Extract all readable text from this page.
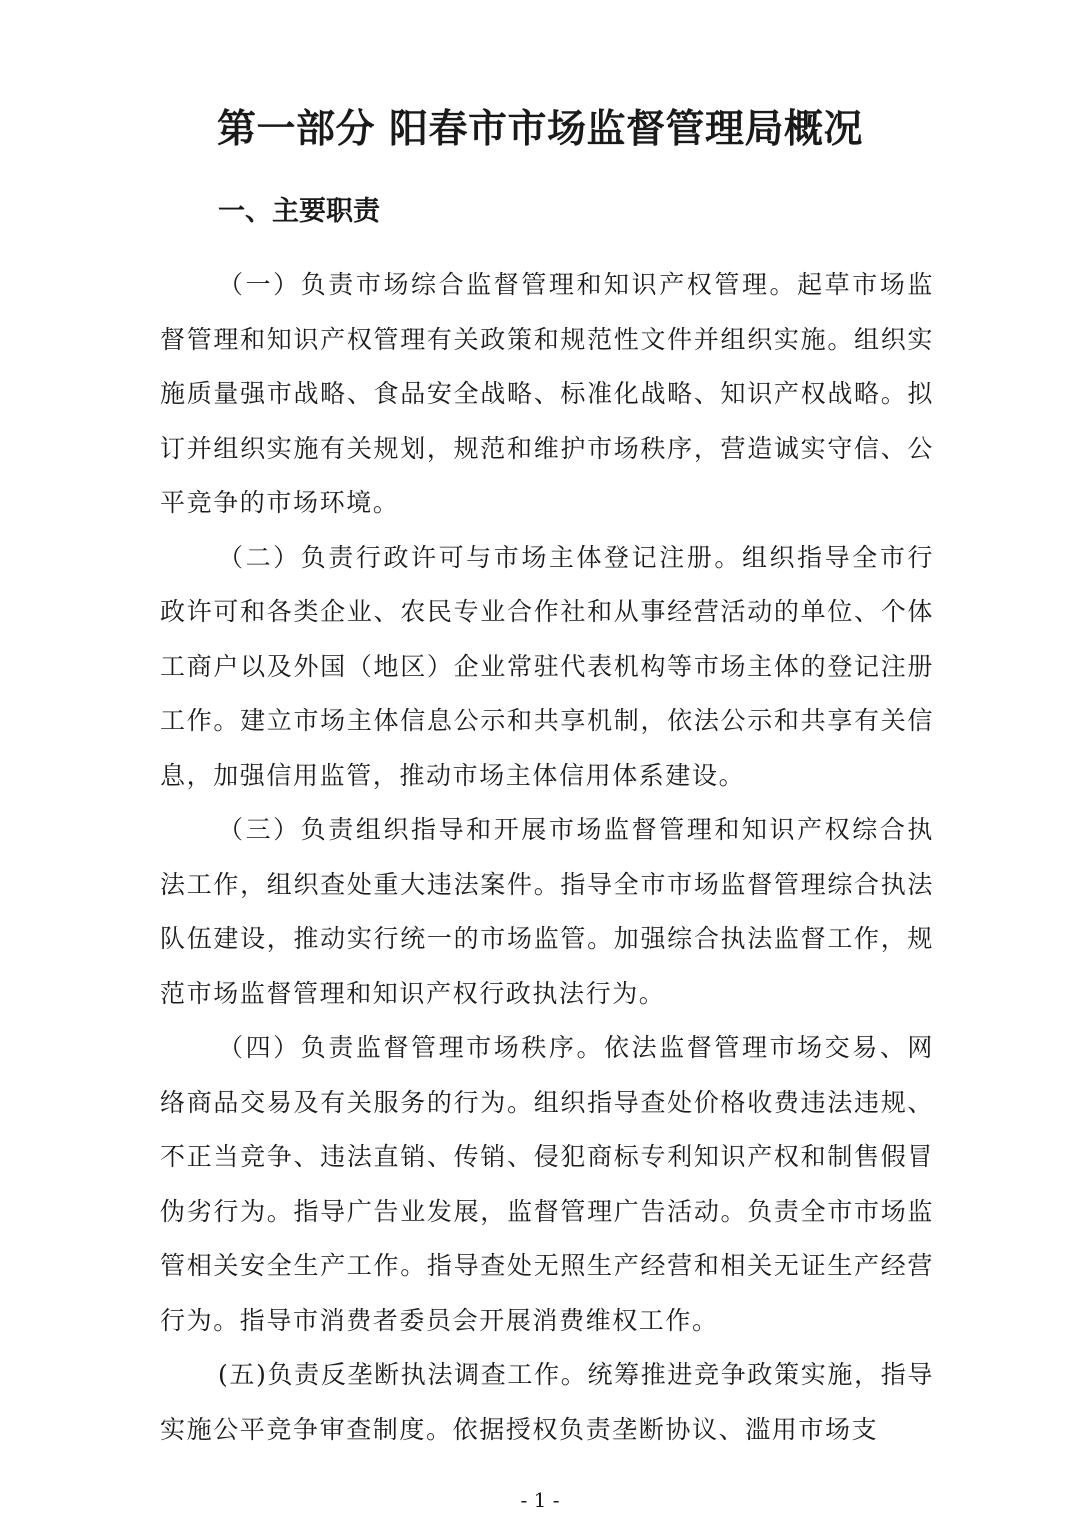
第一部分 阳春市市场监督管理局概况
一、主要职责

（一）负责市场综合监督管理和知识产权管理。起草市场监督管理和知识产权管理有关政策和规范性文件并组织实施。组织实施质量强市战略、食品安全战略、标准化战略、知识产权战略。拟订并组织实施有关规划，规范和维护市场秩序，营造诚实守信、公平竞争的市场环境。

（二）负责行政许可与市场主体登记注册。组织指导全市行政许可和各类企业、农民专业合作社和从事经营活动的单位、个体工商户以及外国（地区）企业常驻代表机构等市场主体的登记注册工作。建立市场主体信息公示和共享机制，依法公示和共享有关信息，加强信用监管，推动市场主体信用体系建设。

（三）负责组织指导和开展市场监督管理和知识产权综合执法工作，组织查处重大违法案件。指导全市市场监督管理综合执法队伍建设，推动实行统一的市场监管。加强综合执法监督工作，规范市场监督管理和知识产权行政执法行为。

（四）负责监督管理市场秩序。依法监督管理市场交易、网络商品交易及有关服务的行为。组织指导查处价格收费违法违规、不正当竞争、违法直销、传销、侵犯商标专利知识产权和制售假冒伪劣行为。指导广告业发展，监督管理广告活动。负责全市市场监管相关安全生产工作。指导查处无照生产经营和相关无证生产经营行为。指导市消费者委员会开展消费维权工作。

(五)负责反垄断执法调查工作。统筹推进竞争政策实施，指导实施公平竞争审查制度。依据授权负责垄断协议、滥用市场支

- 1 -
